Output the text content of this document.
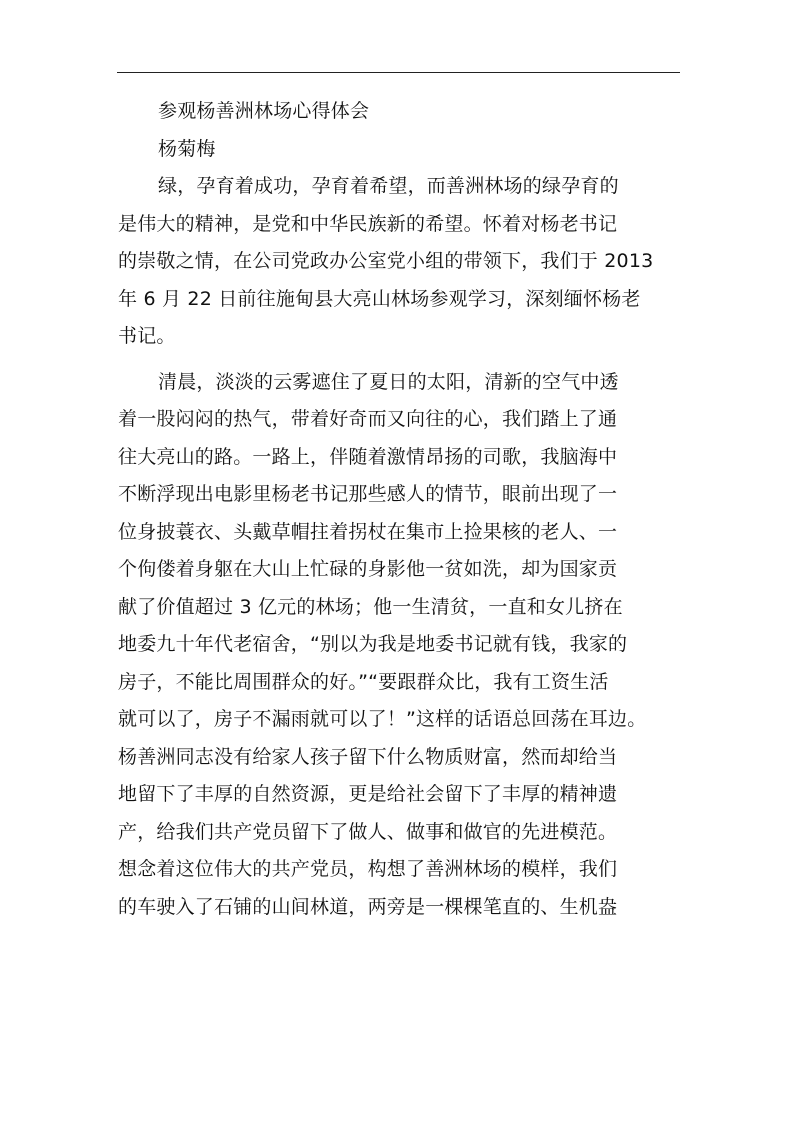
参观杨善洲林场心得体会
杨菊梅
绿，孕育着成功，孕育着希望，而善洲林场的绿孕育的
是伟大的精神，是党和中华民族新的希望。怀着对杨老书记
的崇敬之情，在公司党政办公室党小组的带领下，我们于 2013
年 6 月 22 日前往施甸县大亮山林场参观学习，深刻缅怀杨老
书记。
清晨，淡淡的云雾遮住了夏日的太阳，清新的空气中透
着一股闷闷的热气，带着好奇而又向往的心，我们踏上了通
往大亮山的路。一路上，伴随着激情昂扬的司歌，我脑海中
不断浮现出电影里杨老书记那些感人的情节，眼前出现了一
位身披蓑衣、头戴草帽拄着拐杖在集市上捡果核的老人、一
个佝偻着身躯在大山上忙碌的身影他一贫如洗，却为国家贡
献了价值超过 3 亿元的林场；他一生清贫，一直和女儿挤在
地委九十年代老宿舍，“别以为我是地委书记就有钱，我家的
房子，不能比周围群众的好。”“要跟群众比，我有工资生活
就可以了，房子不漏雨就可以了！”这样的话语总回荡在耳边。
杨善洲同志没有给家人孩子留下什么物质财富，然而却给当
地留下了丰厚的自然资源，更是给社会留下了丰厚的精神遗
产，给我们共产党员留下了做人、做事和做官的先进模范。
想念着这位伟大的共产党员，构想了善洲林场的模样，我们
的车驶入了石铺的山间林道，两旁是一棵棵笔直的、生机盎
